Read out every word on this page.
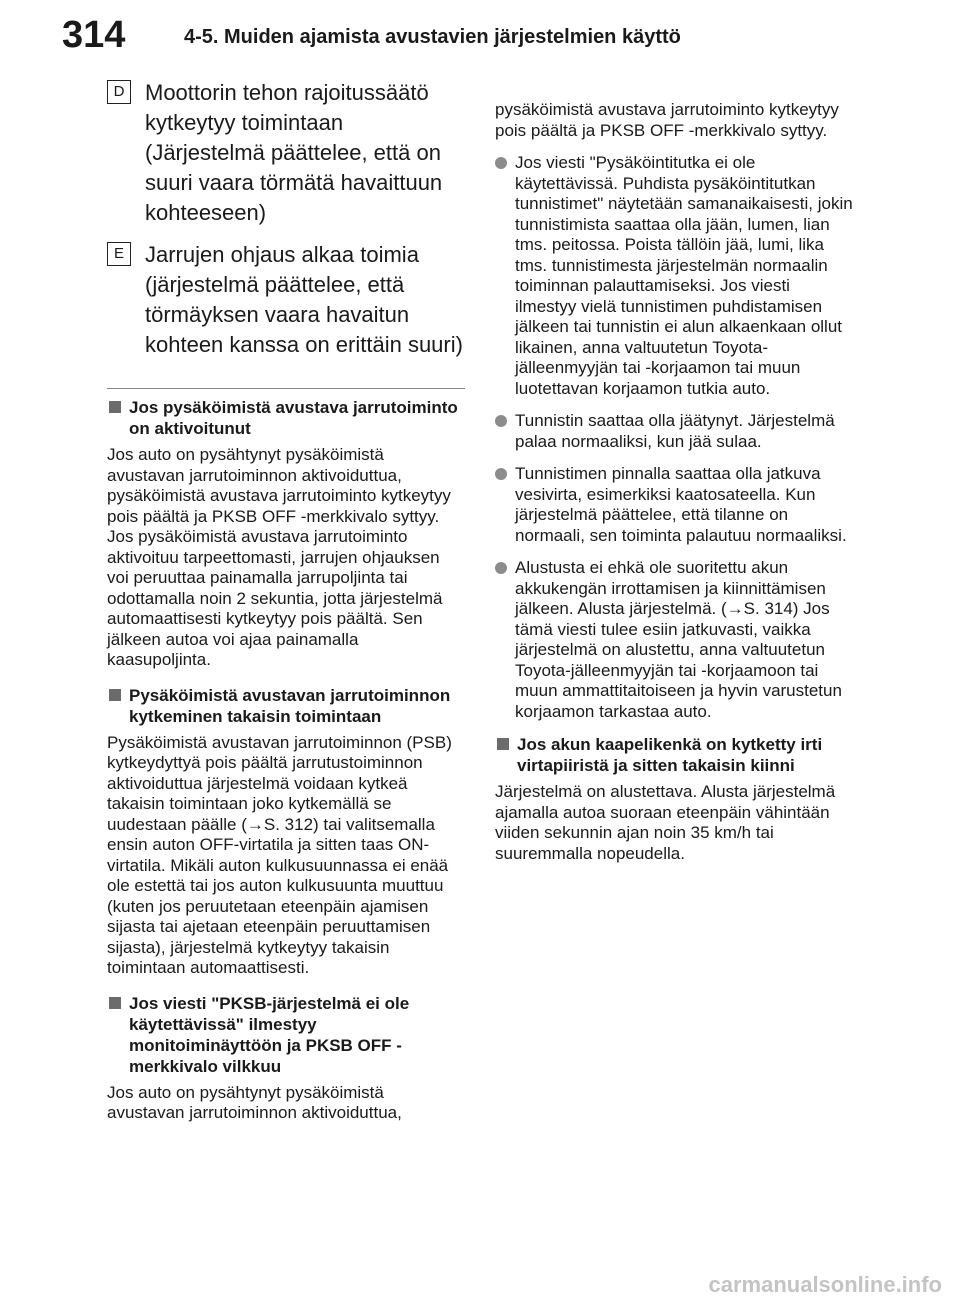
314	4-5. Muiden ajamista avustavien järjestelmien käyttö
D Moottorin tehon rajoitussäätö kytkeytyy toimintaan (Järjestelmä päättelee, että on suuri vaara törmätä havaittuun kohteeseen)
E Jarrujen ohjaus alkaa toimia (järjestelmä päättelee, että törmäyksen vaara havaitun kohteen kanssa on erittäin suuri)
Jos pysäköimistä avustava jarrutoiminto on aktivoitunut
Jos auto on pysähtynyt pysäköimistä avustavan jarrutoiminnon aktivoiduttua, pysäköimistä avustava jarrutoiminto kytkeytyy pois päältä ja PKSB OFF -merkkivalo syttyy. Jos pysäköimistä avustava jarrutoiminto aktivoituu tarpeettomasti, jarrujen ohjauksen voi peruuttaa painamalla jarrupoljinta tai odottamalla noin 2 sekuntia, jotta järjestelmä automaattisesti kytkeytyy pois päältä. Sen jälkeen autoa voi ajaa painamalla kaasupoljinta.
Pysäköimistä avustavan jarrutoiminnon kytkeminen takaisin toimintaan
Pysäköimistä avustavan jarrutoiminnon (PSB) kytkeydyttyä pois päältä jarrutustoiminnon aktivoiduttua järjestelmä voidaan kytkeä takaisin toimintaan joko kytkemällä se uudestaan päälle (→S. 312) tai valitsemalla ensin auton OFF-virtatila ja sitten taas ON-virtatila. Mikäli auton kulkusuunnassa ei enää ole estettä tai jos auton kulkusuunta muuttuu (kuten jos peruutetaan eteenpäin ajamisen sijasta tai ajetaan eteenpäin peruuttamisen sijasta), järjestelmä kytkeytyy takaisin toimintaan automaattisesti.
Jos viesti "PKSB-järjestelmä ei ole käytettävissä" ilmestyy monitoiminäyttöön ja PKSB OFF -merkkivalo vilkkuu
Jos auto on pysähtynyt pysäköimistä avustavan jarrutoiminnon aktivoiduttua,
pysäköimistä avustava jarrutoiminto kytkeytyy pois päältä ja PKSB OFF -merkkivalo syttyy.
Jos viesti "Pysäköintitutka ei ole käytettävissä. Puhdista pysäköintitutkan tunnistimet" näytetään samanaikaisesti, jokin tunnistimista saattaa olla jään, lumen, lian tms. peitossa. Poista tällöin jää, lumi, lika tms. tunnistimesta järjestelmän normaalin toiminnan palauttamiseksi. Jos viesti ilmestyy vielä tunnistimen puhdistamisen jälkeen tai tunnistin ei alun alkaenkaan ollut likainen, anna valtuutetun Toyota-jälleenmyyjän tai -korjaamon tai muun luotettavan korjaamon tutkia auto.
Tunnistin saattaa olla jäätynyt. Järjestelmä palaa normaaliksi, kun jää sulaa.
Tunnistimen pinnalla saattaa olla jatkuva vesivirta, esimerkiksi kaatosateella. Kun järjestelmä päättelee, että tilanne on normaali, sen toiminta palautuu normaaliksi.
Alustusta ei ehkä ole suoritettu akun akkukengän irrottamisen ja kiinnittämisen jälkeen. Alusta järjestelmä. (→S. 314) Jos tämä viesti tulee esiin jatkuvasti, vaikka järjestelmä on alustettu, anna valtuutetun Toyota-jälleenmyyjän tai -korjaamoon tai muun ammattitaitoiseen ja hyvin varustetun korjaamon tarkastaa auto.
Jos akun kaapelikenkä on kytketty irti virtapiiristä ja sitten takaisin kiinni
Järjestelmä on alustettava. Alusta järjestelmä ajamalla autoa suoraan eteenpäin vähintään viiden sekunnin ajan noin 35 km/h tai suuremmalla nopeudella.
carmanualsonline.info
